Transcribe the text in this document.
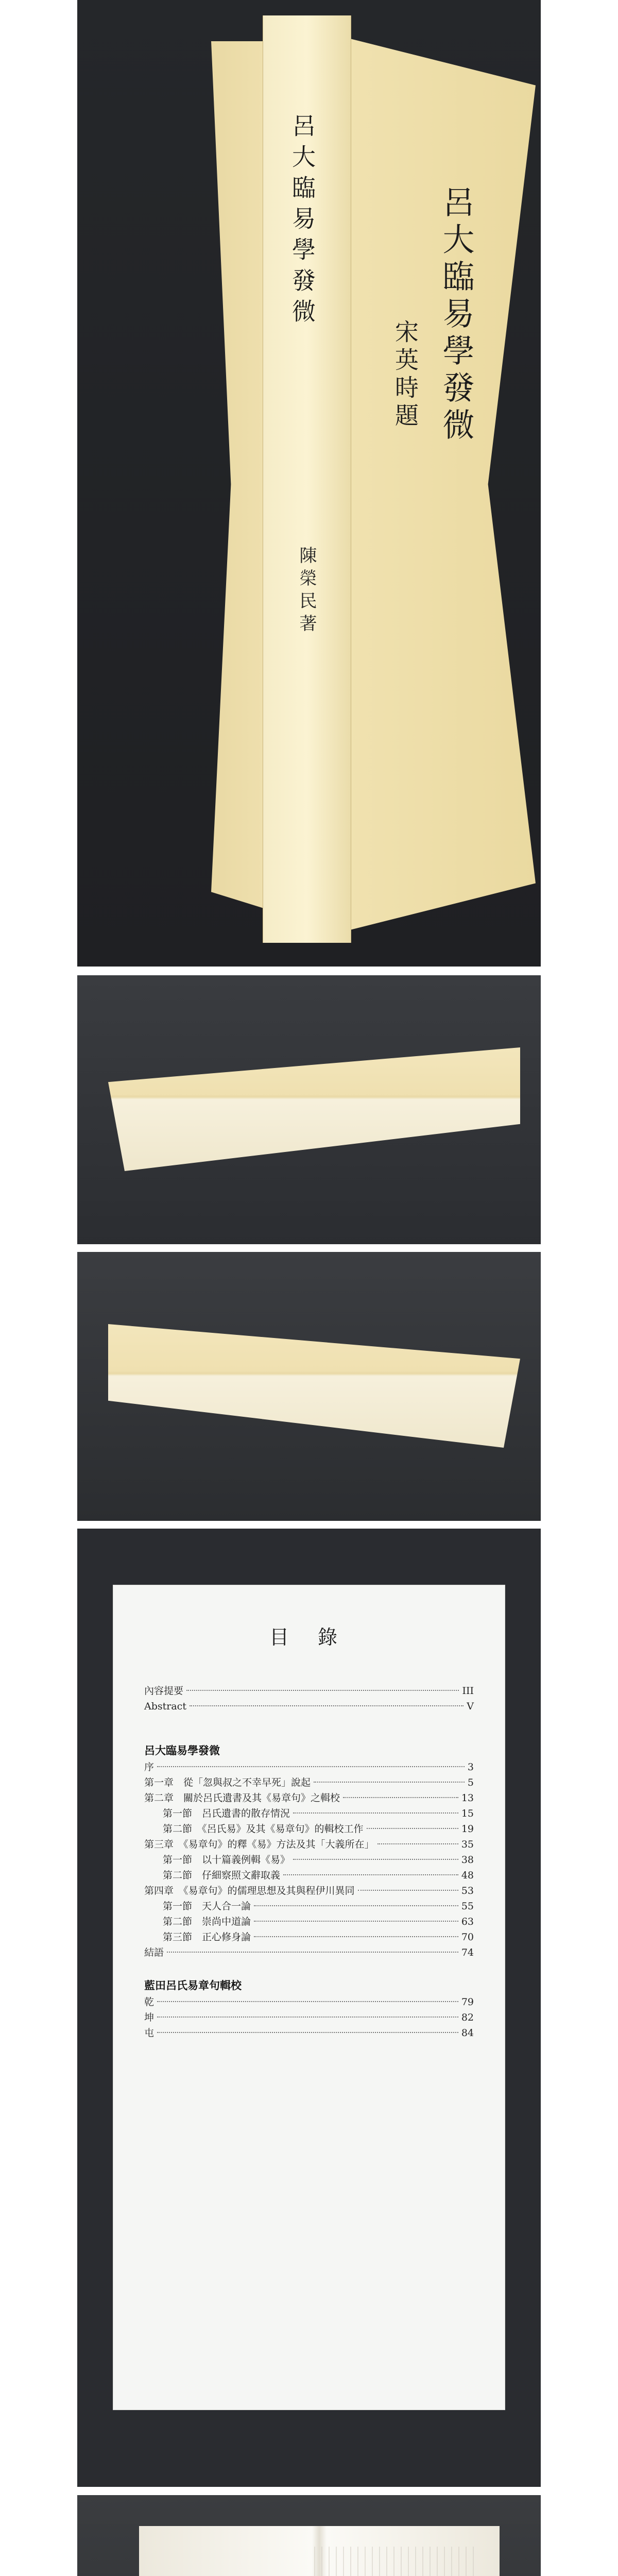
呂大臨易學發微
陳榮民著
呂大臨易學發微
宋英時題
目 錄
內容提要	III
Abstract	V
呂大臨易學發微
序	3
第一章　從「忽與叔之不幸早死」說起	5
第二章　關於呂氏遺書及其《易章句》之輯校	13
第一節　呂氏遺書的散存情況	15
第二節　《呂氏易》及其《易章句》的輯校工作	19
第三章　《易章句》的釋《易》方法及其「大義所在」	35
第一節　以十篇義例輯《易》	38
第二節　仔細察照文辭取義	48
第四章　《易章句》的儒理思想及其與程伊川異同	53
第一節　天人合一論	55
第二節　崇尚中道論	63
第三節　正心修身論	70
結語	74
藍田呂氏易章句輯校
乾	79
坤	82
屯	84
